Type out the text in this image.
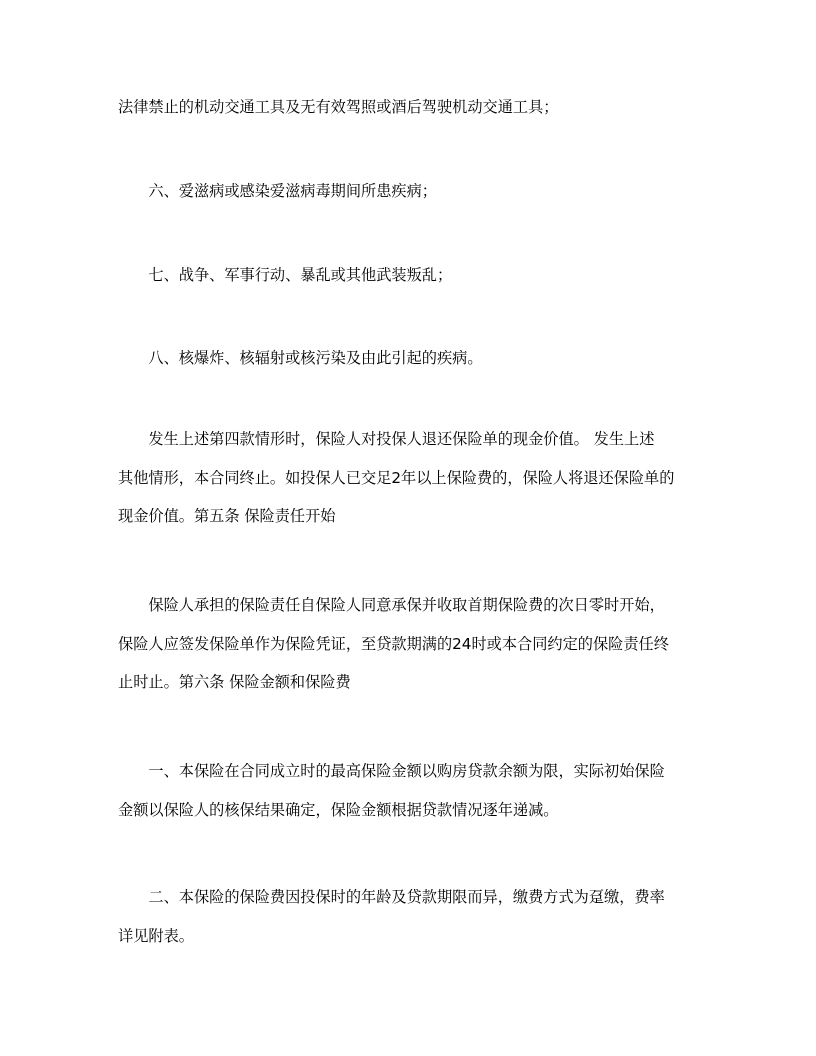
法律禁止的机动交通工具及无有效驾照或酒后驾驶机动交通工具；

　　六、爱滋病或感染爱滋病毒期间所患疾病；

　　七、战争、军事行动、暴乱或其他武装叛乱；

　　八、核爆炸、核辐射或核污染及由此引起的疾病。

　　发生上述第四款情形时，保险人对投保人退还保险单的现金价值。 发生上述
其他情形，本合同终止。如投保人已交足2年以上保险费的，保险人将退还保险单的
现金价值。第五条 保险责任开始

　　保险人承担的保险责任自保险人同意承保并收取首期保险费的次日零时开始，
保险人应签发保险单作为保险凭证，至贷款期满的24时或本合同约定的保险责任终
止时止。第六条 保险金额和保险费

　　一、本保险在合同成立时的最高保险金额以购房贷款余额为限，实际初始保险
金额以保险人的核保结果确定，保险金额根据贷款情况逐年递减。

　　二、本保险的保险费因投保时的年龄及贷款期限而异，缴费方式为趸缴，费率
详见附表。
